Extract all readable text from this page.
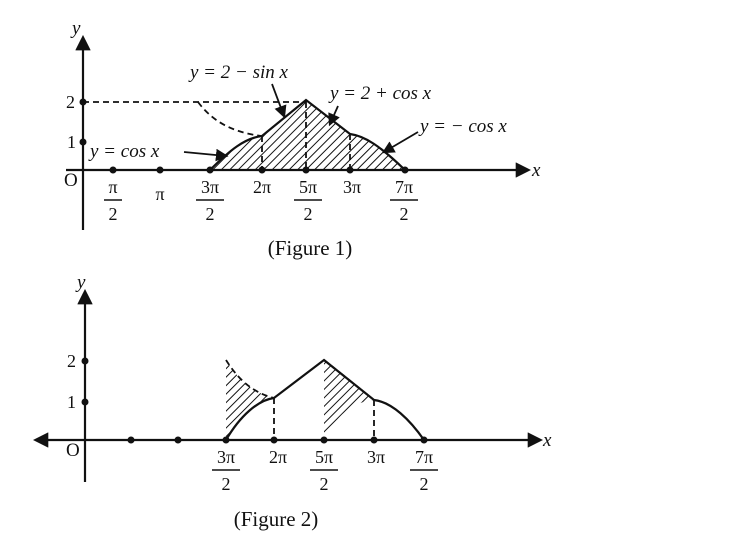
O
y
x
1
2
π
2
π 3π
2
2π 5π
2
3π 7π
2
y = cos x
y = 2 − sin x
y = 2 + cos x
y = − cos x
(Figure 1)
O
y
x
1
2
3π
2
2π 5π
2
3π 7π
2
(Figure 2)
